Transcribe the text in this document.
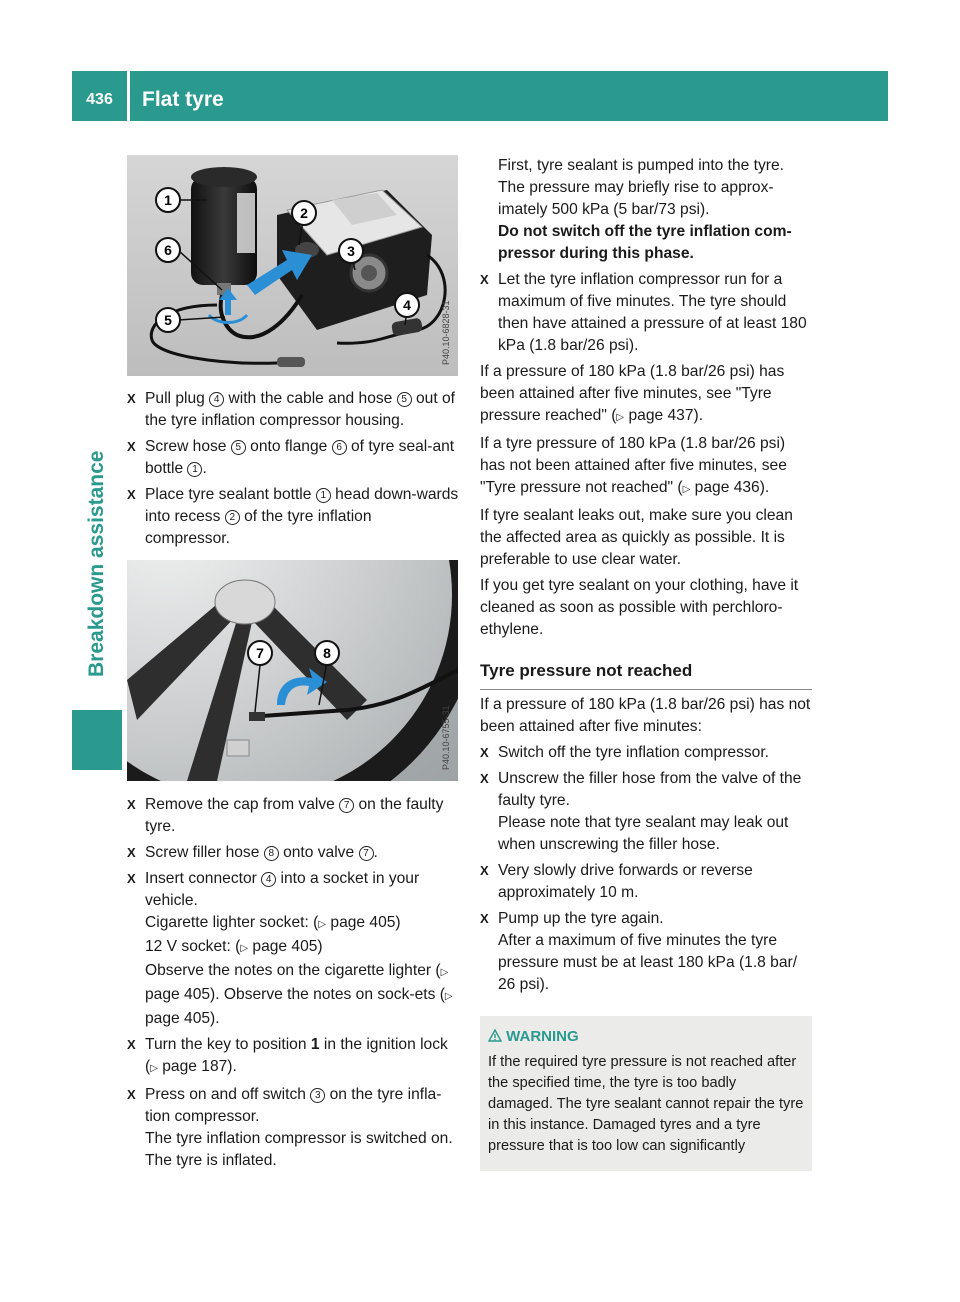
436	Flat tyre
Breakdown assistance
1
6
5
2
3
4	P40.10-6828-31
7	8
P40.10-6755-31
X Pull plug 4 with the cable and hose 5 out of the tyre inflation compressor housing.
X Screw hose 5 onto flange 6 of tyre seal-ant bottle 1 .
X Place tyre sealant bottle 1 head down-wards into recess 2 of the tyre inflation compressor.
X Remove the cap from valve 7 on the faulty tyre.
X Screw filler hose 8 onto valve 7 .
X Insert connector 4 into a socket in your vehicle.
Cigarette lighter socket: (▷ page 405)
12 V socket: (▷ page 405)
Observe the notes on the cigarette lighter (▷ page 405). Observe the notes on sock-ets (▷ page 405).
X Turn the key to position 1 in the ignition lock (▷ page 187).
X Press on and off switch 3 on the tyre infla-tion compressor.
The tyre inflation compressor is switched on. The tyre is inflated.
First, tyre sealant is pumped into the tyre. The pressure may briefly rise to approx-imately 500 kPa (5 bar/73 psi).
Do not switch off the tyre inflation com-pressor during this phase.
X Let the tyre inflation compressor run for a maximum of five minutes. The tyre should then have attained a pressure of at least 180 kPa (1.8 bar/26 psi).

If a pressure of 180 kPa (1.8 bar/26 psi) has been attained after five minutes, see "Tyre pressure reached" (▷ page 437).

If a tyre pressure of 180 kPa (1.8 bar/26 psi) has not been attained after five minutes, see "Tyre pressure not reached" (▷ page 436).

If tyre sealant leaks out, make sure you clean the affected area as quickly as possible. It is preferable to use clear water.

If you get tyre sealant on your clothing, have it cleaned as soon as possible with perchloro-ethylene.

Tyre pressure not reached

If a pressure of 180 kPa (1.8 bar/26 psi) has not been attained after five minutes:

X Switch off the tyre inflation compressor.
X Unscrew the filler hose from the valve of the faulty tyre.
Please note that tyre sealant may leak out when unscrewing the filler hose.
X Very slowly drive forwards or reverse approximately 10 m.
X Pump up the tyre again.
After a maximum of five minutes the tyre pressure must be at least 180 kPa (1.8 bar/ 26 psi).
WARNING
If the required tyre pressure is not reached after the specified time, the tyre is too badly damaged. The tyre sealant cannot repair the tyre in this instance. Damaged tyres and a tyre pressure that is too low can significantly
